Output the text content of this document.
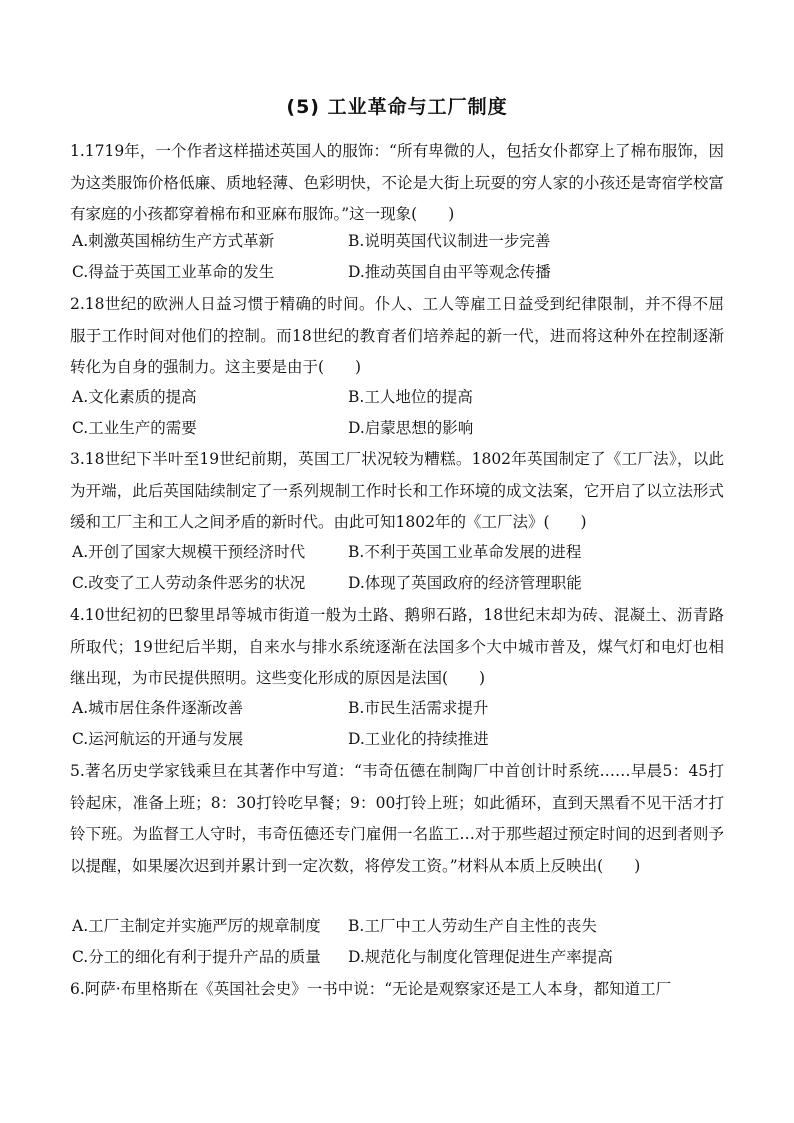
(5) 工业革命与工厂制度
1.1719年，一个作者这样描述英国人的服饰：“所有卑微的人，包括女仆都穿上了棉布服饰，因为这类服饰价格低廉、质地轻薄、色彩明快，不论是大街上玩耍的穷人家的小孩还是寄宿学校富有家庭的小孩都穿着棉布和亚麻布服饰。”这一现象(　　)
A.刺激英国棉纺生产方式革新	B.说明英国代议制进一步完善
C.得益于英国工业革命的发生	D.推动英国自由平等观念传播
2.18世纪的欧洲人日益习惯于精确的时间。仆人、工人等雇工日益受到纪律限制，并不得不屈服于工作时间对他们的控制。而18世纪的教育者们培养起的新一代，进而将这种外在控制逐渐转化为自身的强制力。这主要是由于(　　)
A.文化素质的提高	B.工人地位的提高
C.工业生产的需要	D.启蒙思想的影响
3.18世纪下半叶至19世纪前期，英国工厂状况较为糟糕。1802年英国制定了《工厂法》，以此为开端，此后英国陆续制定了一系列规制工作时长和工作环境的成文法案，它开启了以立法形式缓和工厂主和工人之间矛盾的新时代。由此可知1802年的《工厂法》(　　)
A.开创了国家大规模干预经济时代	B.不利于英国工业革命发展的进程
C.改变了工人劳动条件恶劣的状况	D.体现了英国政府的经济管理职能
4.10世纪初的巴黎里昂等城市街道一般为土路、鹅卵石路，18世纪末却为砖、混凝土、沥青路所取代；19世纪后半期，自来水与排水系统逐渐在法国多个大中城市普及，煤气灯和电灯也相继出现，为市民提供照明。这些变化形成的原因是法国(　　)
A.城市居住条件逐渐改善	B.市民生活需求提升
C.运河航运的开通与发展	D.工业化的持续推进
5.著名历史学家钱乘旦在其著作中写道：“韦奇伍德在制陶厂中首创计时系统……早晨5：45打铃起床，准备上班；8：30打铃吃早餐；9：00打铃上班；如此循环，直到天黑看不见干活才打铃下班。为监督工人守时，韦奇伍德还专门雇佣一名监工…对于那些超过预定时间的迟到者则予以提醒，如果屡次迟到并累计到一定次数，将停发工资。”材料从本质上反映出(　　)
A.工厂主制定并实施严厉的规章制度 B.工厂中工人劳动生产自主性的丧失
C.分工的细化有利于提升产品的质量 D.规范化与制度化管理促进生产率提高
6.阿萨·布里格斯在《英国社会史》一书中说：“无论是观察家还是工人本身，都知道工厂
